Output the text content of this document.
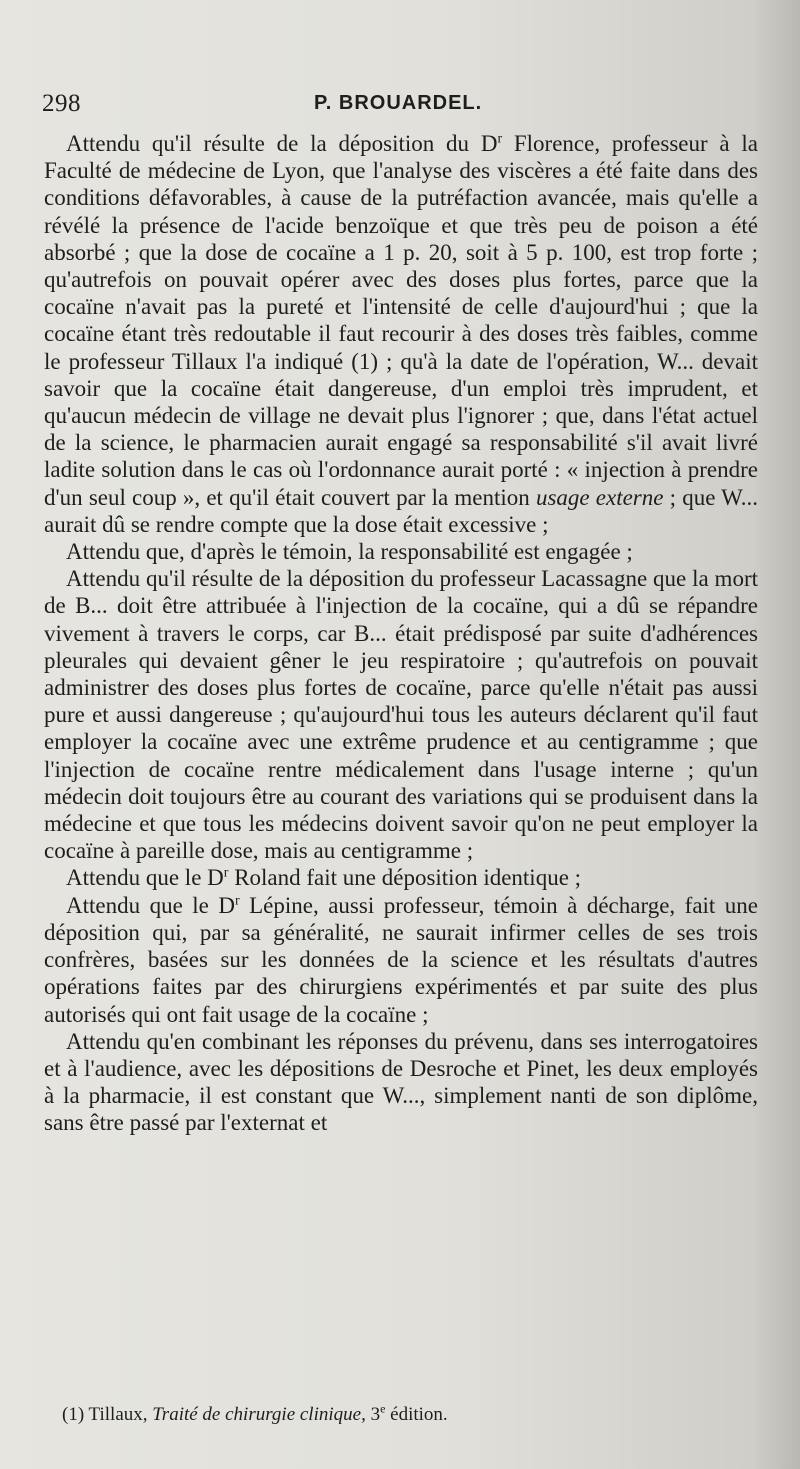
298	P. BROUARDEL.

Attendu qu'il résulte de la déposition du $D^r$ Florence, professeur à la Faculté de médecine de Lyon, que l'analyse des viscères a été faite dans des conditions défavorables, à cause de la putréfaction avancée, mais qu'elle a révélé la présence de l'acide benzoïque et que très peu de poison a été absorbé ; que la dose de cocaïne a 1 p. 20, soit à 5 p. 100, est trop forte ; qu'autrefois on pouvait opérer avec des doses plus fortes, parce que la cocaïne n'avait pas la pureté et l'intensité de celle d'aujourd'hui ; que la cocaïne étant très redoutable il faut recourir à des doses très faibles, comme le professeur Tillaux l'a indiqué (1) ; qu'à la date de l'opération, W... devait savoir que la cocaïne était dangereuse, d'un emploi très imprudent, et qu'aucun médecin de village ne devait plus l'ignorer ; que, dans l'état actuel de la science, le pharmacien aurait engagé sa responsabilité s'il avait livré ladite solution dans le cas où l'ordonnance aurait porté : « injection à prendre d'un seul coup », et qu'il était couvert par la mention usage externe ; que W... aurait dû se rendre compte que la dose était excessive ;

Attendu que, d'après le témoin, la responsabilité est engagée ;

Attendu qu'il résulte de la déposition du professeur Lacassagne que la mort de B... doit être attribuée à l'injection de la cocaïne, qui a dû se répandre vivement à travers le corps, car B... était prédisposé par suite d'adhérences pleurales qui devaient gêner le jeu respiratoire ; qu'autrefois on pouvait administrer des doses plus fortes de cocaïne, parce qu'elle n'était pas aussi pure et aussi dangereuse ; qu'aujourd'hui tous les auteurs déclarent qu'il faut employer la cocaïne avec une extrême prudence et au centigramme ; que l'injection de cocaïne rentre médicalement dans l'usage interne ; qu'un médecin doit toujours être au courant des variations qui se produisent dans la médecine et que tous les médecins doivent savoir qu'on ne peut employer la cocaïne à pareille dose, mais au centigramme ;

Attendu que le $D^r$ Roland fait une déposition identique ;

Attendu que le $D^r$ Lépine, aussi professeur, témoin à décharge, fait une déposition qui, par sa généralité, ne saurait infirmer celles de ses trois confrères, basées sur les données de la science et les résultats d'autres opérations faites par des chirurgiens expérimentés et par suite des plus autorisés qui ont fait usage de la cocaïne ;

Attendu qu'en combinant les réponses du prévenu, dans ses interrogatoires et à l'audience, avec les dépositions de Desroche et Pinet, les deux employés à la pharmacie, il est constant que W..., simplement nanti de son diplôme, sans être passé par l'externat et

(1) Tillaux, Traité de chirurgie clinique, 3e édition.
